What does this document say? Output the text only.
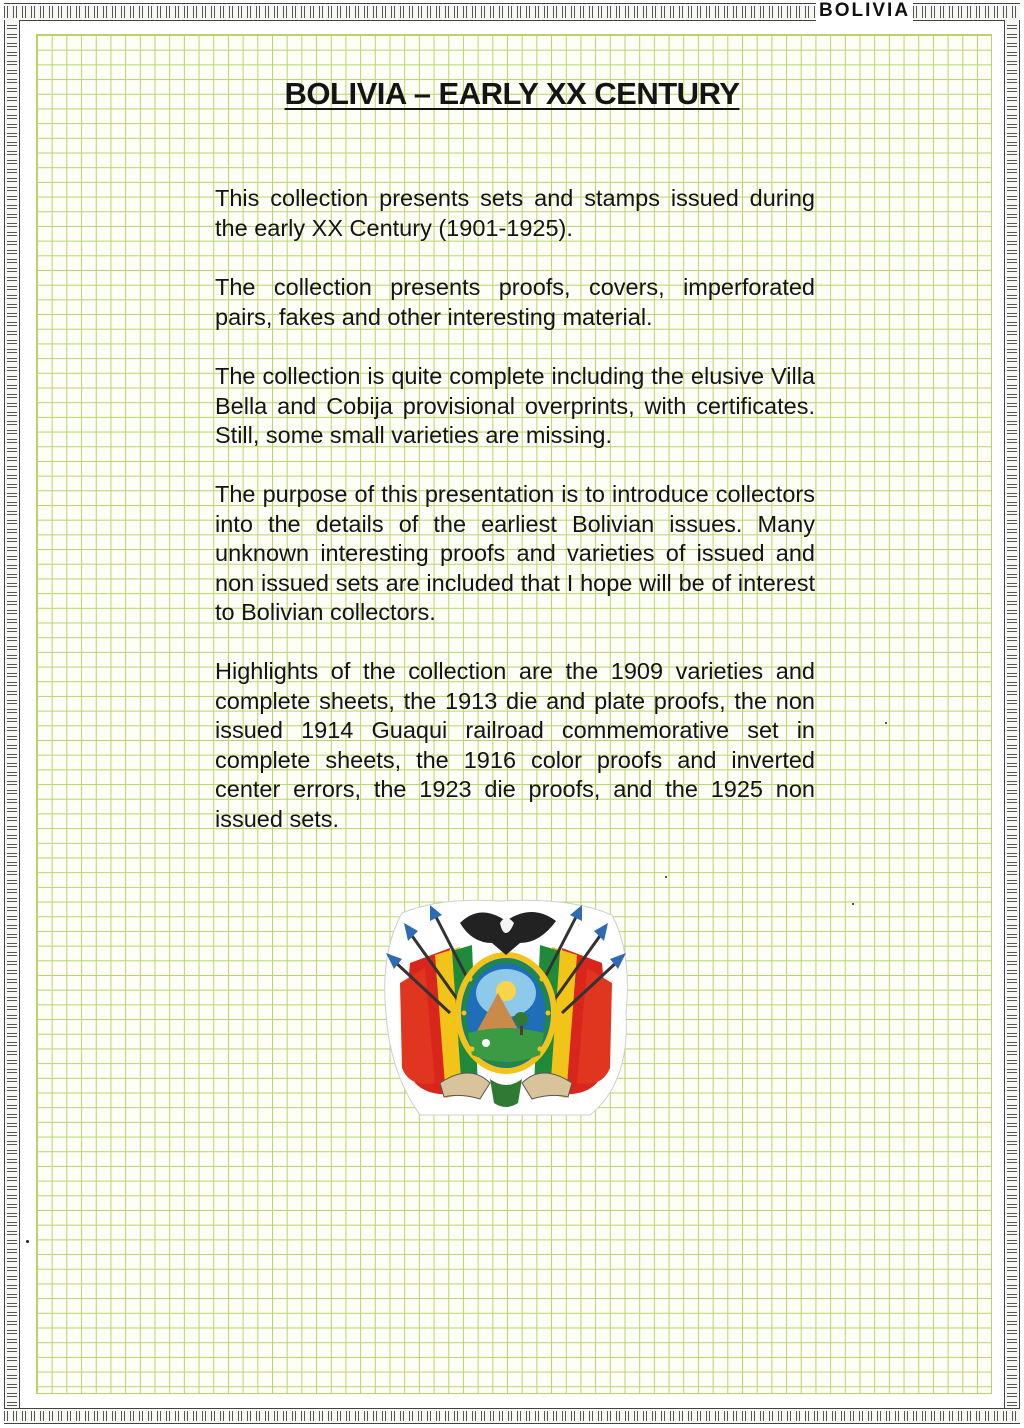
BOLIVIA
BOLIVIA – EARLY XX CENTURY
This collection presents sets and stamps issued during the early XX Century (1901-1925).
The collection presents proofs, covers, imperforated pairs, fakes and other interesting material.
The collection is quite complete including the elusive Villa Bella and Cobija provisional overprints, with certificates. Still, some small varieties are missing.
The purpose of this presentation is to introduce collectors into the details of the earliest Bolivian issues. Many unknown interesting proofs and varieties of issued and non issued sets are included that I hope will be of interest to Bolivian collectors.
Highlights of the collection are the 1909 varieties and complete sheets, the 1913 die and plate proofs, the non issued 1914 Guaqui railroad commemorative set in complete sheets, the 1916 color proofs and inverted center errors, the 1923 die proofs, and the 1925 non issued sets.
